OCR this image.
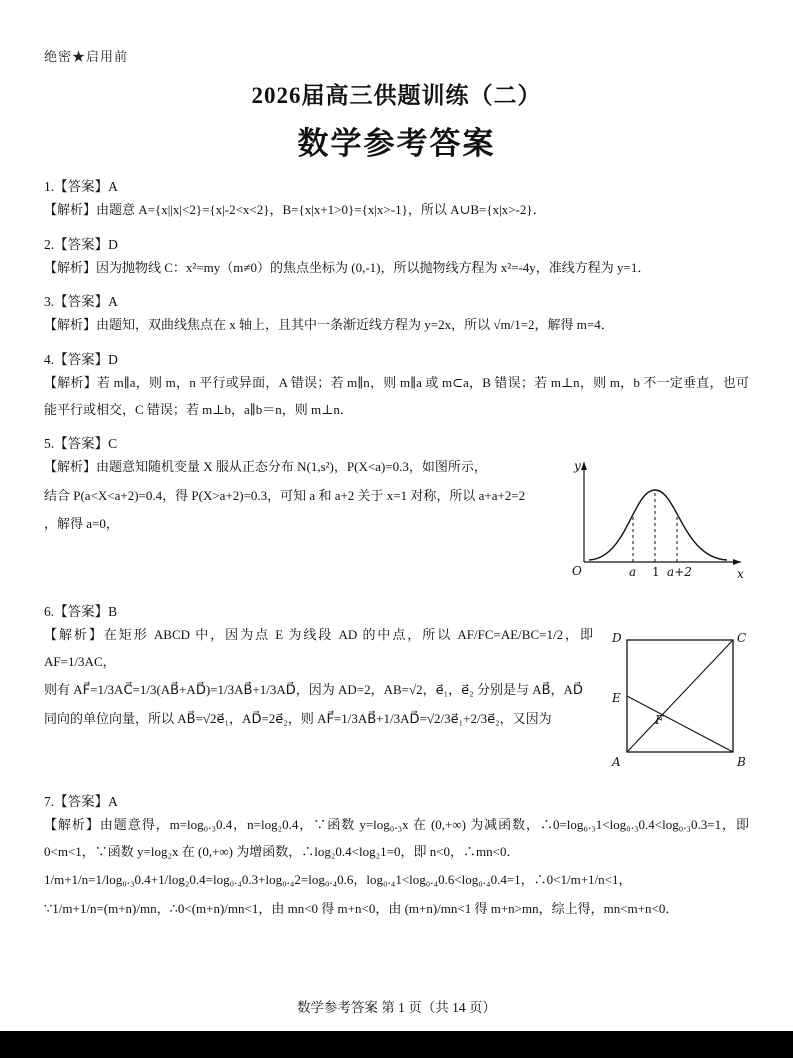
绝密★启用前
2026届高三供题训练（二）
数学参考答案

1.【答案】A

【解析】由题意 A={x||x|<2}={x|-2<x<2}，B={x|x+1>0}={x|x>-1}，所以 A∪B={x|x>-2}．

2.【答案】D

【解析】因为抛物线 C：x²=my（m≠0）的焦点坐标为 (0,-1)，所以抛物线方程为 x²=-4y，准线方程为 y=1．

3.【答案】A

【解析】由题知，双曲线焦点在 x 轴上，且其中一条渐近线方程为 y=2x，所以 √m/1=2，解得 m=4．

4.【答案】D

【解析】若 m∥a，则 m，n 平行或异面，A 错误；若 m∥n，则 m∥a 或 m⊂a，B 错误；若 m⊥n，则 m，b 不一定垂直，也可能平行或相交，C 错误；若 m⊥b，a∥b＝n，则 m⊥n．

5.【答案】C

y
x
O	a 1 a+2

【解析】由题意知随机变量 X 服从正态分布 N(1,s²)，P(X<a)=0.3，如图所示，

结合 P(a<X<a+2)=0.4，得 P(X>a+2)=0.3，可知 a 和 a+2 关于 x=1 对称，所以 a+a+2=2

，解得 a=0，

6.【答案】B

D	C
E
F
A	B

【解析】在矩形 ABCD 中，因为点 E 为线段 AD 的中点，所以 AF/FC=AE/BC=1/2，即 AF=1/3AC，

则有 AF⃗=1/3AC⃗=1/3(AB⃗+AD⃗)=1/3AB⃗+1/3AD⃗，因为 AD=2，AB=√2，e⃗₁，e⃗₂ 分别是与 AB⃗，AD⃗

同向的单位向量，所以 AB⃗=√2e⃗₁，AD⃗=2e⃗₂，则 AF⃗=1/3AB⃗+1/3AD⃗=√2/3e⃗₁+2/3e⃗₂，又因为

7.【答案】A

【解析】由题意得，m=log₀.₃0.4，n=log₂0.4，∵函数 y=log₀.₃x 在 (0,+∞) 为减函数，∴0=log₀.₃1<log₀.₃0.4<log₀.₃0.3=1，即 0<m<1，∵函数 y=log₂x 在 (0,+∞) 为增函数，∴log₂0.4<log₂1=0，即 n<0，∴mn<0．

1/m+1/n=1/log₀.₃0.4+1/log₂0.4=log₀.₄0.3+log₀.₄2=log₀.₄0.6，log₀.₄1<log₀.₄0.6<log₀.₄0.4=1，∴0<1/m+1/n<1，

∵1/m+1/n=(m+n)/mn，∴0<(m+n)/mn<1，由 mn<0 得 m+n<0，由 (m+n)/mn<1 得 m+n>mn，综上得，mn<m+n<0．

数学参考答案 第 1 页（共 14 页）
